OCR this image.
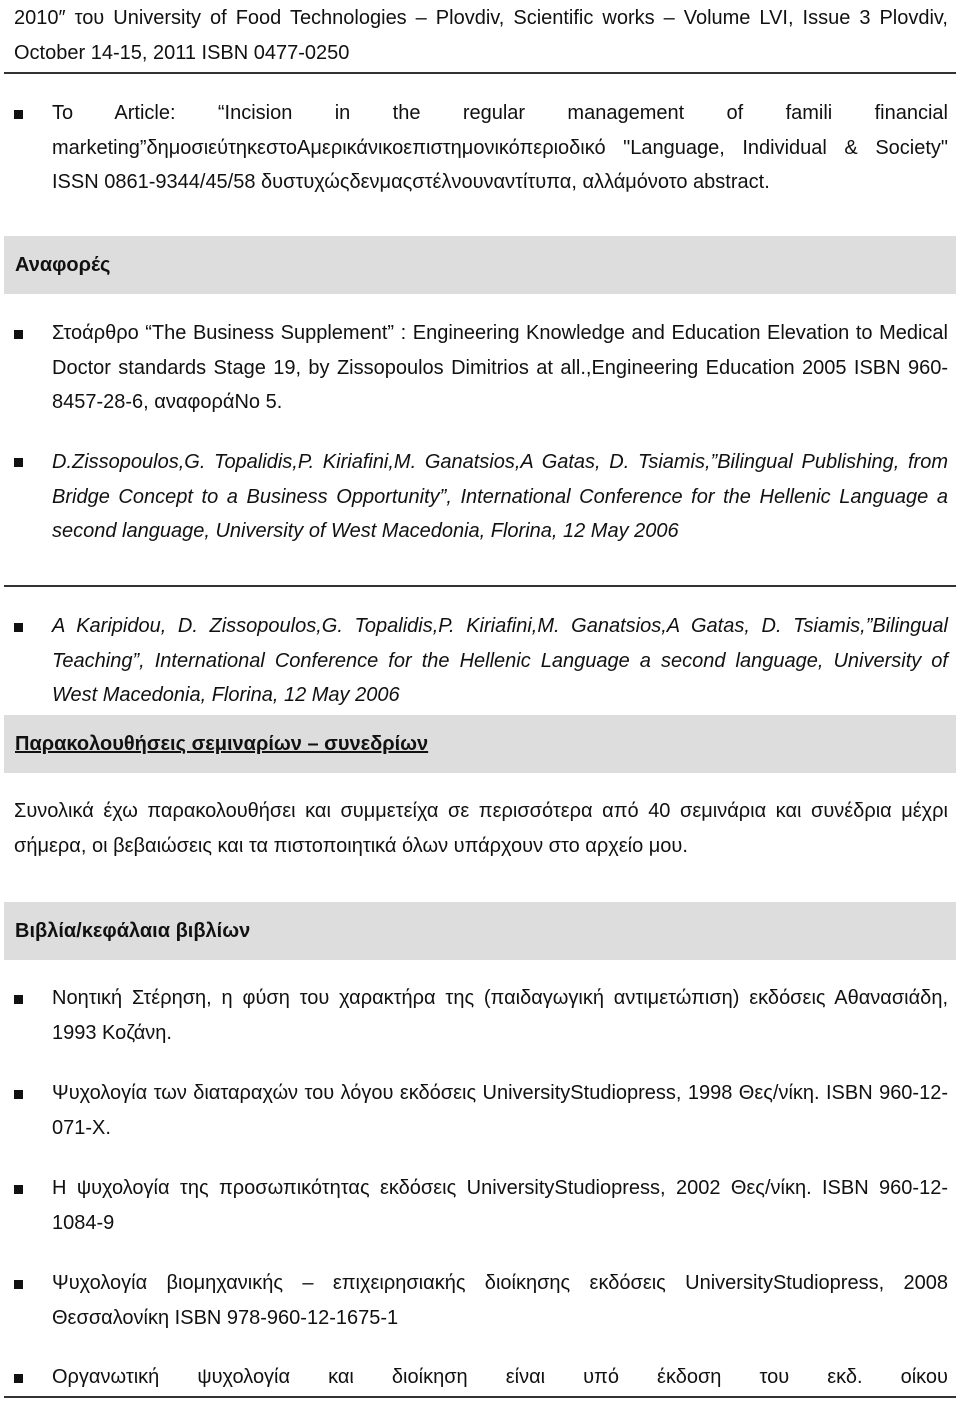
2010″ του University of Food Technologies – Plovdiv, Scientific works – Volume LVI, Issue 3 Plovdiv, October 14-15, 2011 ISBN 0477-0250
To Article: “Incision in the regular management of famili financial marketing”δημοσιεύτηκεστοΑμερικάνικοεπιστημονικόπεριοδικό "Language, Individual & Society" ISSN 0861-9344/45/58 δυστυχώςδενμαςστέλνουναντίτυπα, αλλάμόνοτο abstract.
Αναφορές
Στοάρθρο “The Business Supplement” : Engineering Knowledge and Education Elevation to Medical Doctor standards Stage 19, by Zissopoulos Dimitrios at all.,Engineering Education 2005 ISBN 960-8457-28-6, αναφοράΝο 5.
D.Zissopoulos,G. Topalidis,P. Kiriafini,M. Ganatsios,A Gatas, D. Tsiamis,”Bilingual Publishing, from Bridge Concept to a Business Opportunity”, International Conference for the Hellenic Language a second language, University of West Macedonia, Florina, 12 May 2006
A Karipidou, D. Zissopoulos,G. Topalidis,P. Kiriafini,M. Ganatsios,A Gatas, D. Tsiamis,”Bilingual Teaching”, International Conference for the Hellenic Language a second language, University of West Macedonia, Florina, 12 May 2006
Παρακολουθήσεις σεμιναρίων – συνεδρίων
Συνολικά έχω παρακολουθήσει και συμμετείχα σε περισσότερα από 40 σεμινάρια και συνέδρια μέχρι σήμερα, οι βεβαιώσεις και τα πιστοποιητικά όλων υπάρχουν στο αρχείο μου.
Βιβλία/κεφάλαια βιβλίων
Νοητική Στέρηση, η φύση του χαρακτήρα της (παιδαγωγική αντιμετώπιση) εκδόσεις Αθανασιάδη, 1993 Κοζάνη.
Ψυχολογία των διαταραχών του λόγου εκδόσεις UniversityStudiopress, 1998 Θες/νίκη. ISBN 960-12-071-X.
Η ψυχολογία της προσωπικότητας εκδόσεις UniversityStudiopress, 2002 Θες/νίκη. ISBN 960-12-1084-9
Ψυχολογία βιομηχανικής – επιχειρησιακής διοίκησης εκδόσεις UniversityStudiopress, 2008 Θεσσαλονίκη ISBN 978-960-12-1675-1
Οργανωτική ψυχολογία και διοίκηση είναι υπό έκδοση του εκδ. οίκου
